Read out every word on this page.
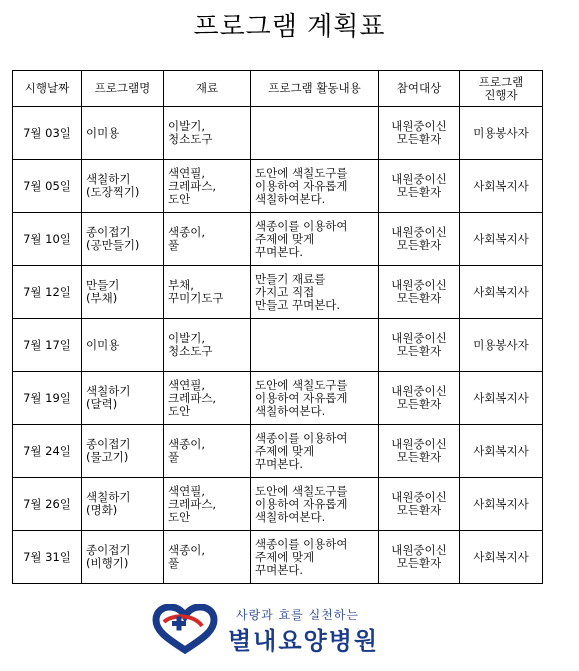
프로그램 계획표
시행날짜	프로그램명	재료	프로그램 활동내용	참여대상	프로그램
진행자

7월 03일	이미용	이발기,
청소도구		내원중이신
모든환자	미용봉사자

7월 05일	색칠하기
(도장찍기)	색연필,
크레파스,
도안	도안에 색칠도구를
이용하여 자유롭게
색칠하여본다.	내원중이신
모든환자	사회복지사

7월 10일	종이접기
(공만들기)	색종이,
풀	색종이를 이용하여
주제에 맞게
꾸며본다.	내원중이신
모든환자	사회복지사

7월 12일	만들기
(부채)	부채,
꾸미기도구	만들기 재료를
가지고 직접
만들고 꾸며본다.	내원중이신
모든환자	사회복지사

7월 17일	이미용	이발기,
청소도구		내원중이신
모든환자	미용봉사자

7월 19일	색칠하기
(달력)	색연필,
크레파스,
도안	도안에 색칠도구를
이용하여 자유롭게
색칠하여본다.	내원중이신
모든환자	사회복지사

7월 24일	종이접기
(물고기)	색종이,
풀	색종이를 이용하여
주제에 맞게
꾸며본다.	내원중이신
모든환자	사회복지사

7월 26일	색칠하기
(명화)	색연필,
크레파스,
도안	도안에 색칠도구를
이용하여 자유롭게
색칠하여본다.	내원중이신
모든환자	사회복지사

7월 31일	종이접기
(비행기)	색종이,
풀	색종이를 이용하여
주제에 맞게
꾸며본다.	내원중이신
모든환자	사회복지사
사랑과 효를 실천하는
별내요양병원
